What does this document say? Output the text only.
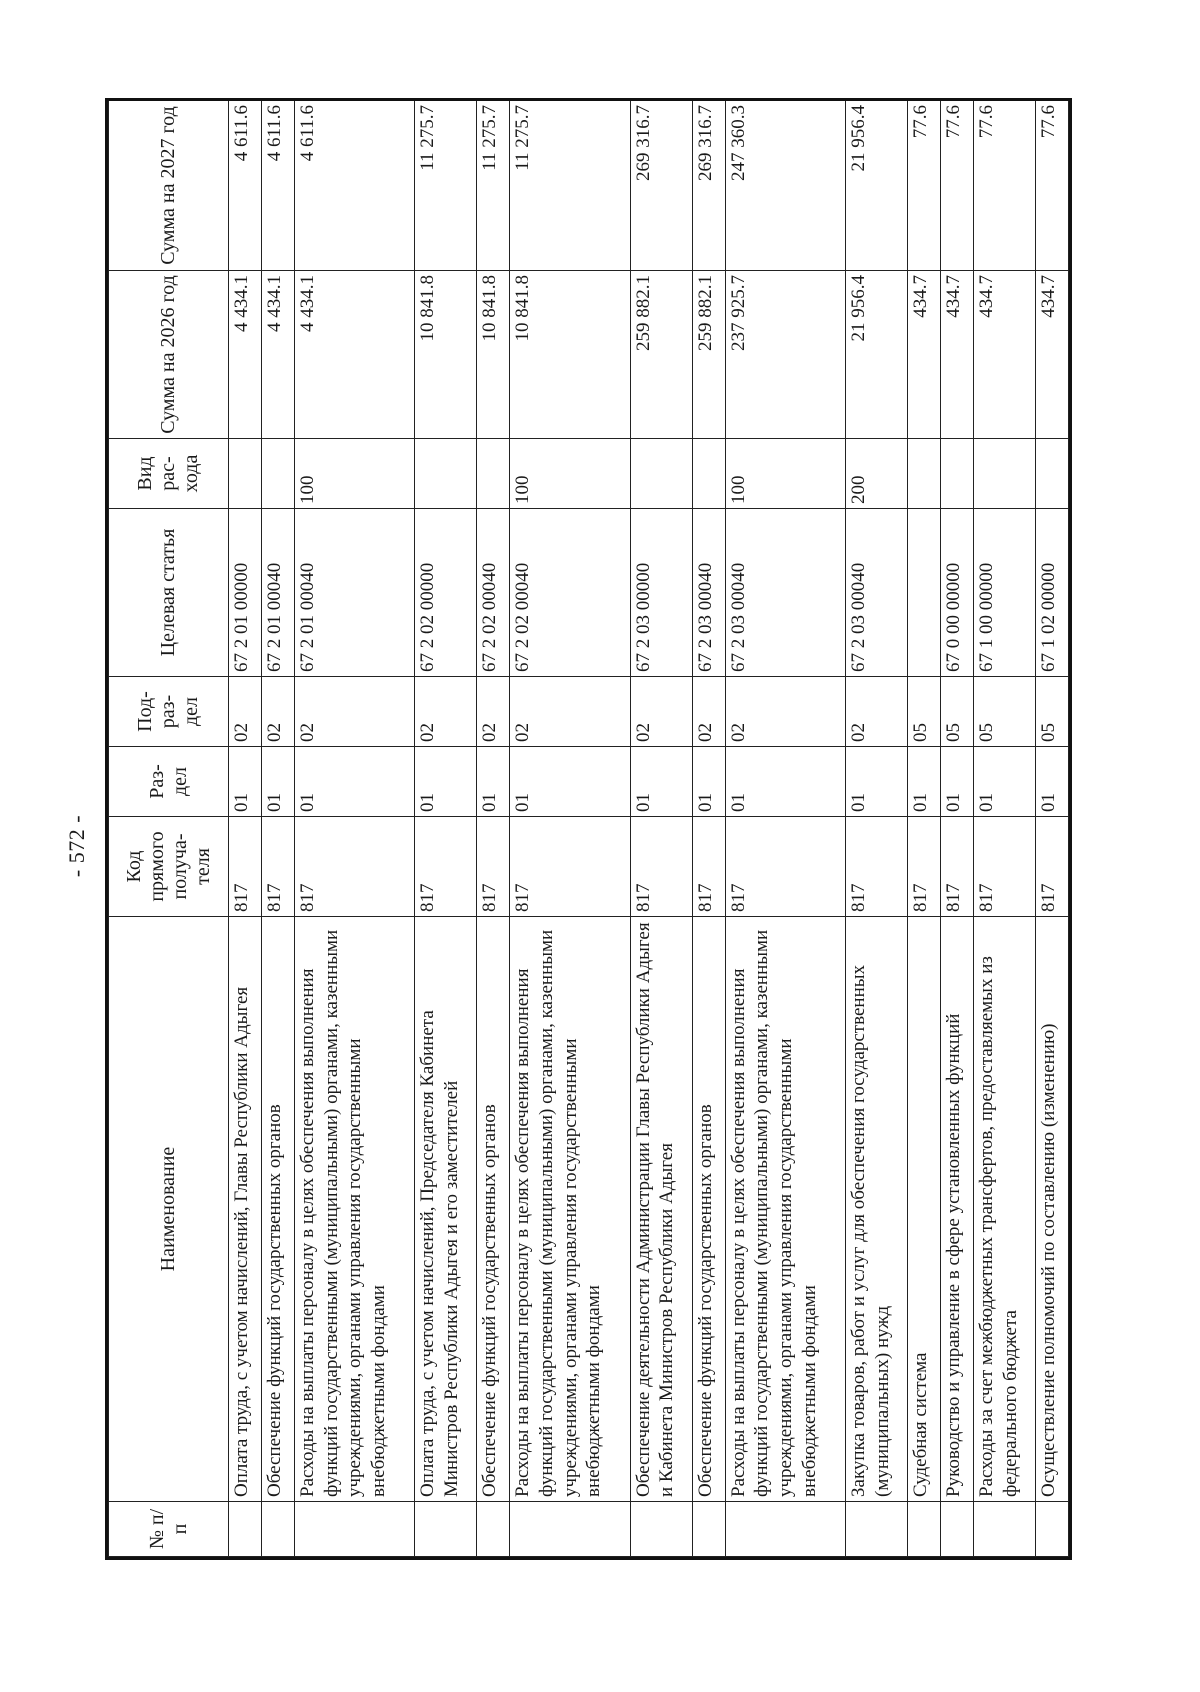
- 572 -
№ п/п	Наименование	Код прямого получа-теля	Раз-дел	Под-раз-дел	Целевая статья	Вид рас-хода	Сумма на 2026 год	Сумма на 2027 год
	Оплата труда, с учетом начислений, Главы Республики Адыгея	817	01	02	67 2 01 00000		4 434.1	4 611.6
	Обеспечение функций государственных органов	817	01	02	67 2 01 00040		4 434.1	4 611.6
	Расходы на выплаты персоналу в целях обеспечения выполнения функций государственными (муниципальными) органами, казенными учреждениями, органами управления государственными внебюджетными фондами	817	01	02	67 2 01 00040	100	4 434.1	4 611.6
	Оплата труда, с учетом начислений, Председателя Кабинета Министров Республики Адыгея и его заместителей	817	01	02	67 2 02 00000		10 841.8	11 275.7
	Обеспечение функций государственных органов	817	01	02	67 2 02 00040		10 841.8	11 275.7
	Расходы на выплаты персоналу в целях обеспечения выполнения функций государственными (муниципальными) органами, казенными учреждениями, органами управления государственными внебюджетными фондами	817	01	02	67 2 02 00040	100	10 841.8	11 275.7
	Обеспечение деятельности Администрации Главы Республики Адыгея и Кабинета Министров Республики Адыгея	817	01	02	67 2 03 00000		259 882.1	269 316.7
	Обеспечение функций государственных органов	817	01	02	67 2 03 00040		259 882.1	269 316.7
	Расходы на выплаты персоналу в целях обеспечения выполнения функций государственными (муниципальными) органами, казенными учреждениями, органами управления государственными внебюджетными фондами	817	01	02	67 2 03 00040	100	237 925.7	247 360.3
	Закупка товаров, работ и услуг для обеспечения государственных (муниципальных) нужд	817	01	02	67 2 03 00040	200	21 956.4	21 956.4
	Судебная система	817	01	05			434.7	77.6
	Руководство и управление в сфере установленных функций	817	01	05	67 0 00 00000		434.7	77.6
	Расходы за счет межбюджетных трансфертов, предоставляемых из федерального бюджета	817	01	05	67 1 00 00000		434.7	77.6
	Осуществление полномочий по составлению (изменению)	817	01	05	67 1 02 00000		434.7	77.6
